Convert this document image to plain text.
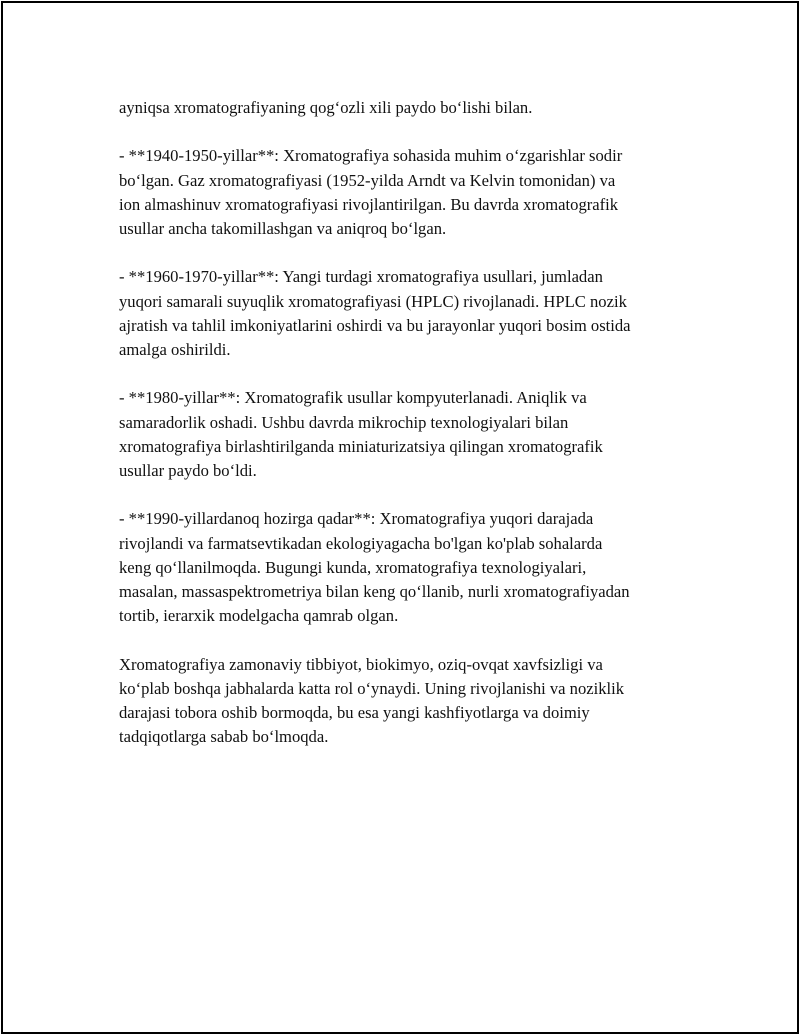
ayniqsa xromatografiyaning qog‘ozli xili paydo bo‘lishi bilan.

- **1940-1950-yillar**: Xromatografiya sohasida muhim o‘zgarishlar sodir
bo‘lgan. Gaz xromatografiyasi (1952-yilda Arndt va Kelvin tomonidan) va
ion almashinuv xromatografiyasi rivojlantirilgan. Bu davrda xromatografik
usullar ancha takomillashgan va aniqroq bo‘lgan.

- **1960-1970-yillar**: Yangi turdagi xromatografiya usullari, jumladan
yuqori samarali suyuqlik xromatografiyasi (HPLC) rivojlanadi. HPLC nozik
ajratish va tahlil imkoniyatlarini oshirdi va bu jarayonlar yuqori bosim ostida
amalga oshirildi.

- **1980-yillar**: Xromatografik usullar kompyuterlanadi. Aniqlik va
samaradorlik oshadi. Ushbu davrda mikrochip texnologiyalari bilan
xromatografiya birlashtirilganda miniaturizatsiya qilingan xromatografik
usullar paydo bo‘ldi.

- **1990-yillardanoq hozirga qadar**: Xromatografiya yuqori darajada
rivojlandi va farmatsevtikadan ekologiyagacha bo'lgan ko'plab sohalarda
keng qo‘llanilmoqda. Bugungi kunda, xromatografiya texnologiyalari,
masalan, massaspektrometriya bilan keng qo‘llanib, nurli xromatografiyadan
tortib, ierarxik modelgacha qamrab olgan.

Xromatografiya zamonaviy tibbiyot, biokimyo, oziq-ovqat xavfsizligi va
ko‘plab boshqa jabhalarda katta rol o‘ynaydi. Uning rivojlanishi va noziklik
darajasi tobora oshib bormoqda, bu esa yangi kashfiyotlarga va doimiy
tadqiqotlarga sabab bo‘lmoqda.
